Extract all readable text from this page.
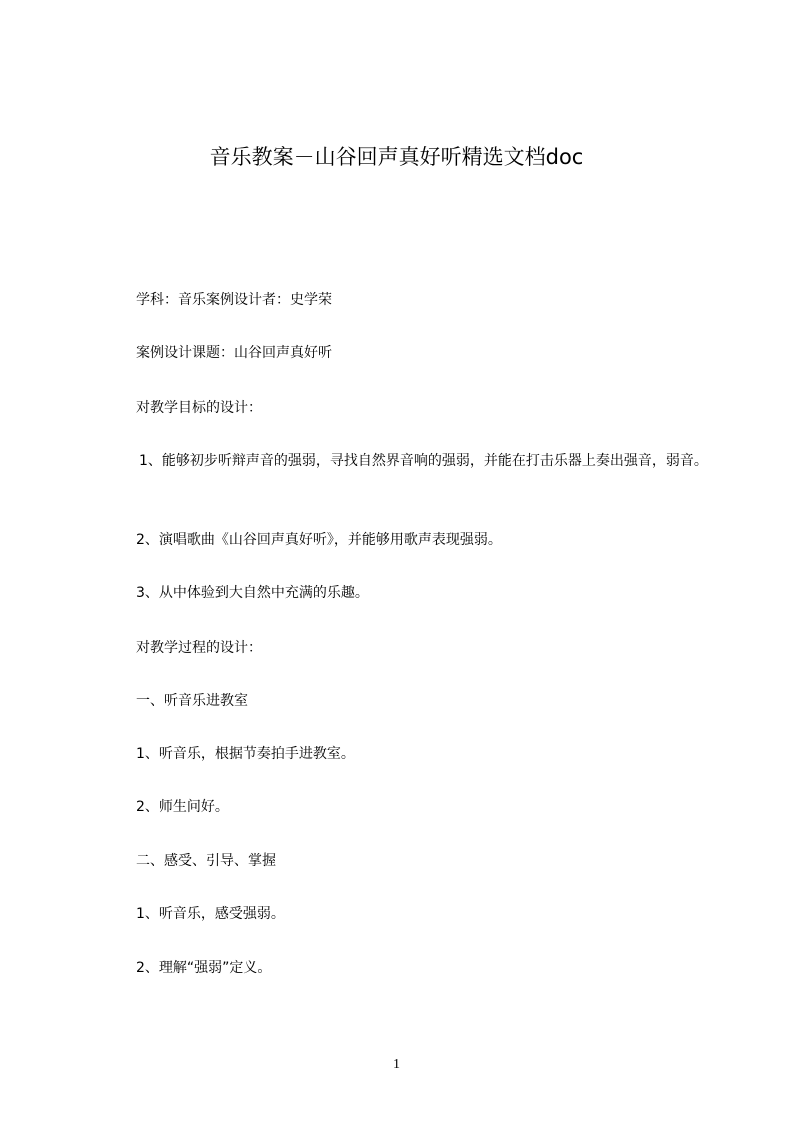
音乐教案－山谷回声真好听精选文档doc

学科：音乐案例设计者：史学荣

案例设计课题：山谷回声真好听

对教学目标的设计：

1、能够初步听辩声音的强弱，寻找自然界音响的强弱，并能在打击乐器上奏出强音，弱音。

2、演唱歌曲《山谷回声真好听》，并能够用歌声表现强弱。

3、从中体验到大自然中充满的乐趣。

对教学过程的设计：

一、听音乐进教室

1、听音乐，根据节奏拍手进教室。

2、师生问好。

二、感受、引导、掌握

1、听音乐，感受强弱。

2、理解“强弱”定义。

1
